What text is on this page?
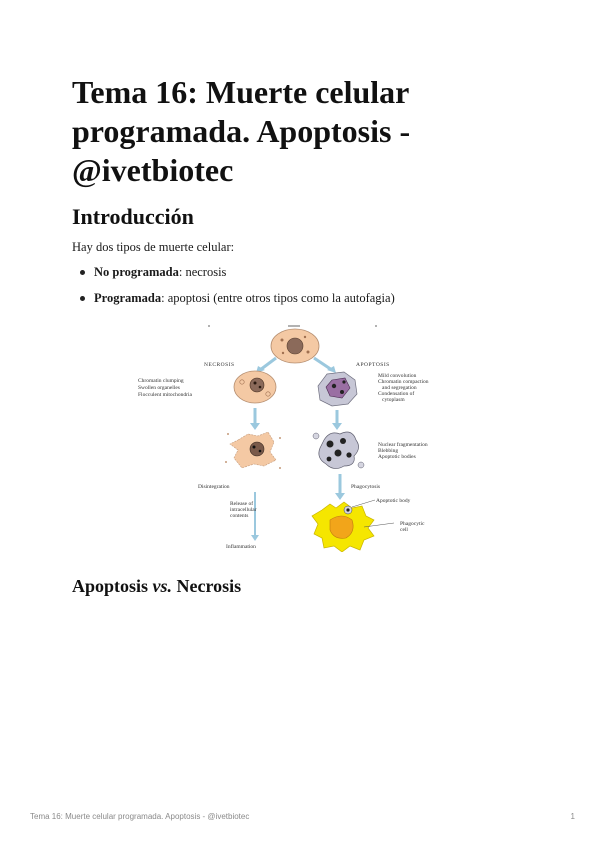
Tema 16: Muerte celular programada. Apoptosis - @ivetbiotec
Introducción

Hay dos tipos de muerte celular:

No programada: necrosis
Programada: apoptosi (entre otros tipos como la autofagia)
NECROSIS	APOPTOSIS
Chromatin clumping
Swollen organelles
Flocculent mitochondria
Mild convolution
Chromatin compaction
and segregation
Condensation of
cytoplasm
Disintegration
Nuclear fragmentation
Blebbing
Apoptotic bodies
Release of
intracellular
contents
Inflammation
Phagocytosis
Apoptotic body
Phagocytic
cell
Apoptosis vs. Necrosis
Tema 16: Muerte celular programada. Apoptosis - @ivetbiotec	1
